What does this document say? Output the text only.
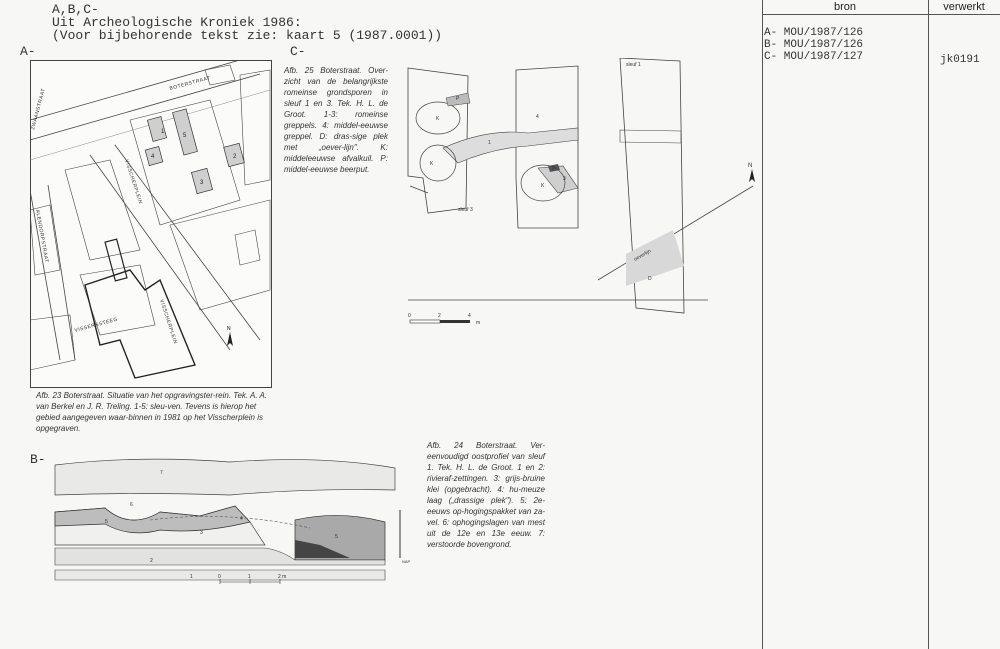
A,B,C-
Uit Archeologische Kroniek 1986:
(Voor bijbehorende tekst zie: kaart 5 (1987.0001))
A-	C-
B-
1
2
3
4
5
BOTERSTRAAT
VISSCHERPLEIN
ALENDORPSTRAAT
ZWAANSTRAAT
VISSERSSTEEG	VISSCHERPLEIN	N
Afb. 23 Boterstraat. Situatie van het opgravingster-rein. Tek. A. A. van Berkel en J. R. Treling. 1-5: sleu-ven. Tevens is hierop het gebied aangegeven waar-binnen in 1981 op het Visscherplein is opgegraven.
Afb. 25 Boterstraat. Over-zicht van de belangrijkste romeinse grondsporen in sleuf 1 en 3. Tek. H. L. de Groot. 1-3: romeinse greppels. 4: middel-eeuwse greppel. D: dras-sige plek met „oever-lijn". K: middeleeuwse afvalkuil. P: middel-eeuwse beerput.
sleuf 1
sleuf 3
K
K
K
P
D
1
2
3
4
oeverlijn
0	2	4
m
N
7
6
5
3
4
1
2
5
NAP
0	1	2 m
Afb. 24 Boterstraat. Ver-eenvoudigd oostprofiel van sleuf 1. Tek. H. L. de Groot. 1 en 2: rivieraf-zettingen. 3: grijs-bruine klei (opgebracht). 4: hu-meuze laag („drassige plek"). 5: 2e-eeuws op-hogingspakket van za-vel. 6: ophogingslagen van mest uit de 12e en 13e eeuw. 7: verstoorde bovengrond.
bron	verwerkt
A- MOU/1987/126
B- MOU/1987/126
C- MOU/1987/127	jk0191
